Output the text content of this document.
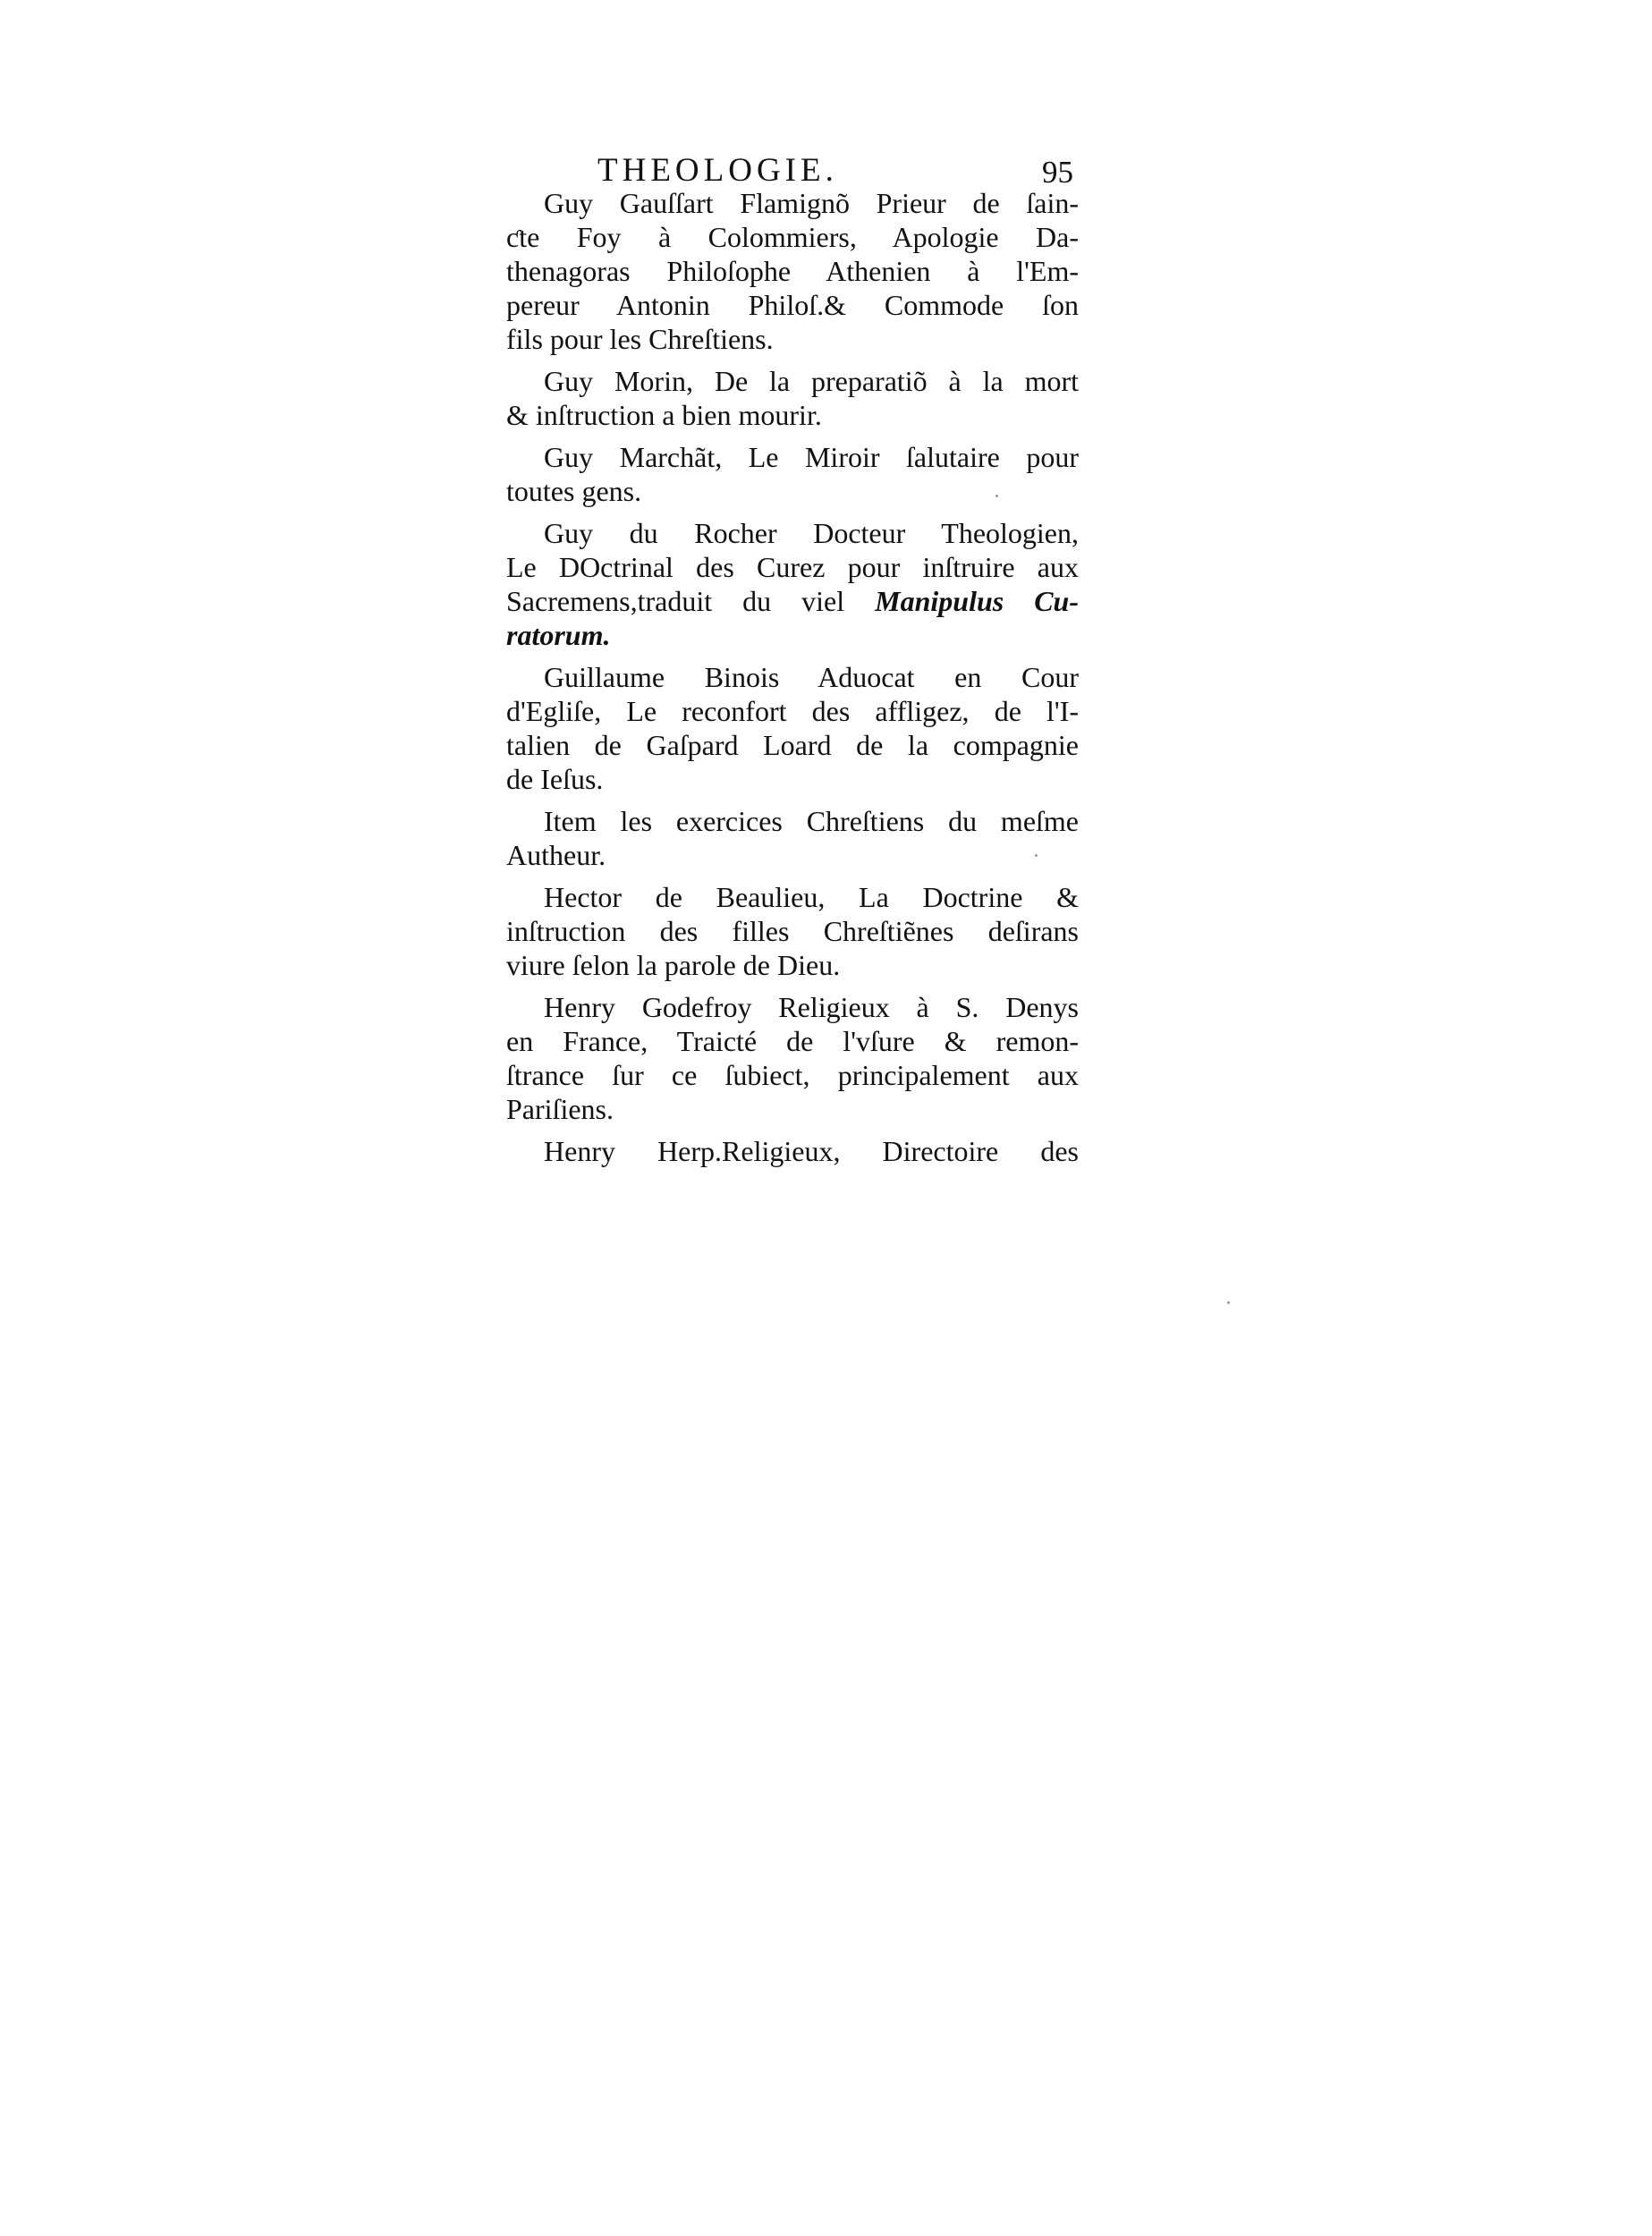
THEOLOGIE.	95
Guy Gauſſart Flamignõ Prieur de ſain-
ƈte Foy à Colommiers, Apologie Da-
thenagoras Philoſophe Athenien à l'Em-
pereur Antonin Philoſ.& Commode ſon
fils pour les Chreſtiens.
Guy Morin, De la preparatiõ à la mort
& inſtruction a bien mourir.
Guy Marchãt, Le Miroir ſalutaire pour
toutes gens.
Guy du Rocher Docteur Theologien,
Le DOctrinal des Curez pour inſtruire aux
Sacremens,traduit du viel Manipulus Cu-
ratorum.
Guillaume Binois Aduocat en Cour
d'Egliſe, Le reconfort des affligez, de l'I-
talien de Gaſpard Loard de la compagnie
de Ieſus.
Item les exercices Chreſtiens du meſme
Autheur.
Hector de Beaulieu, La Doctrine &
inſtruction des filles Chreſtiẽnes deſirans
viure ſelon la parole de Dieu.
Henry Godefroy Religieux à S. Denys
en France, Traicté de l'vſure & remon-
ſtrance ſur ce ſubiect, principalement aux
Pariſiens.
Henry Herp.Religieux, Directoire des
